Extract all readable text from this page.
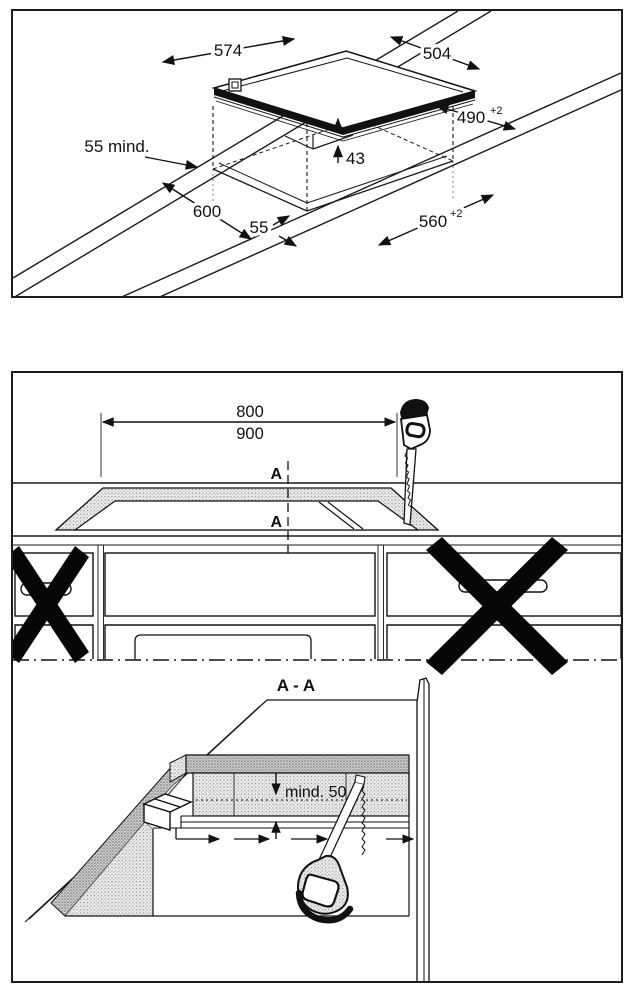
574	504
490 +2
43
55 mind.
600
55	560 +2
800
900
A
A
A - A
mind. 50
